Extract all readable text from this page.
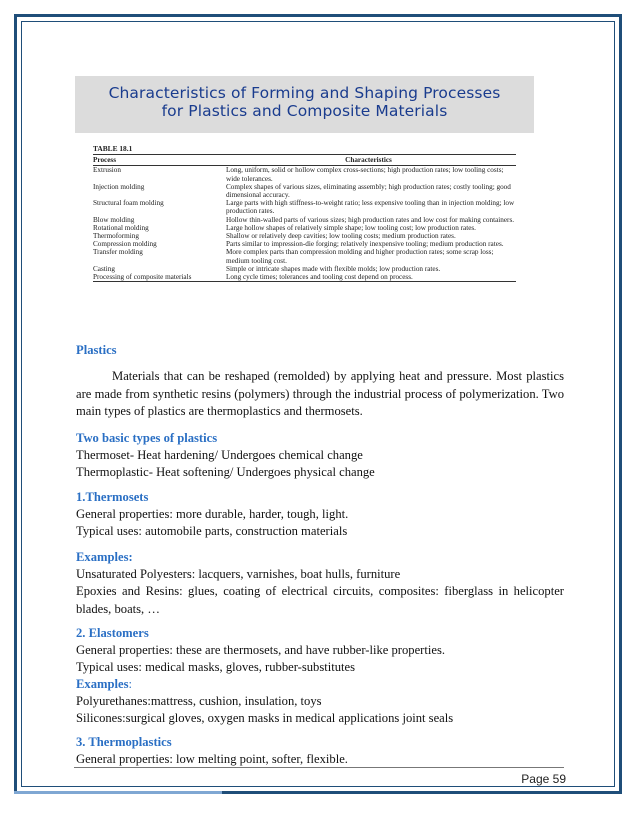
Characteristics of Forming and Shaping Processes
for Plastics and Composite Materials
TABLE 18.1
Process	Characteristics
Extrusion	Long, uniform, solid or hollow complex cross-sections; high production rates; low tooling costs; wide tolerances.
Injection molding	Complex shapes of various sizes, eliminating assembly; high production rates; costly tooling; good dimensional accuracy.
Structural foam molding	Large parts with high stiffness-to-weight ratio; less expensive tooling than in injection molding; low production rates.
Blow molding	Hollow thin-walled parts of various sizes; high production rates and low cost for making containers.
Rotational molding	Large hollow shapes of relatively simple shape; low tooling cost; low production rates.
Thermoforming	Shallow or relatively deep cavities; low tooling costs; medium production rates.
Compression molding	Parts similar to impression-die forging; relatively inexpensive tooling; medium production rates.
Transfer molding	More complex parts than compression molding and higher production rates; some scrap loss; medium tooling cost.
Casting	Simple or intricate shapes made with flexible molds; low production rates.
Processing of composite materials	Long cycle times; tolerances and tooling cost depend on process.
Plastics
Materials that can be reshaped (remolded) by applying heat and pressure. Most plastics are made from synthetic resins (polymers) through the industrial process of polymerization. Two main types of plastics are thermoplastics and thermosets.
Two basic types of plastics
Thermoset- Heat hardening/ Undergoes chemical change
Thermoplastic- Heat softening/ Undergoes physical change
1.Thermosets
General properties: more durable, harder, tough, light.
Typical uses: automobile parts, construction materials
Examples:
Unsaturated Polyesters: lacquers, varnishes, boat hulls, furniture
Epoxies and Resins: glues, coating of electrical circuits, composites: fiberglass in helicopter blades, boats, …
2. Elastomers
General properties: these are thermosets, and have rubber-like properties.
Typical uses: medical masks, gloves, rubber-substitutes
Examples:
Polyurethanes:mattress, cushion, insulation, toys
Silicones:surgical gloves, oxygen masks in medical applications joint seals
3. Thermoplastics
General properties: low melting point, softer, flexible.
Page 59
